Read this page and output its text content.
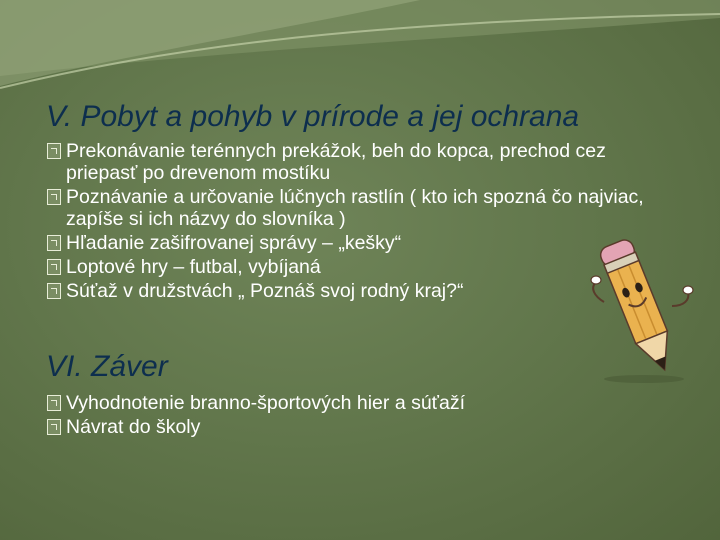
V. Pobyt a pohyb v prírode a jej ochrana
Prekonávanie terénnych prekážok, beh do kopca, prechod cez priepasť po drevenom mostíku
Poznávanie a určovanie lúčnych rastlín ( kto ich spozná čo najviac, zapíše si ich názvy do slovníka )
Hľadanie zašifrovanej správy – „kešky“
Loptové hry – futbal, vybíjaná
Súťaž v družstvách „ Poznáš svoj rodný kraj?“
VI. Záver
Vyhodnotenie branno-športových hier a súťaží
Návrat do školy
